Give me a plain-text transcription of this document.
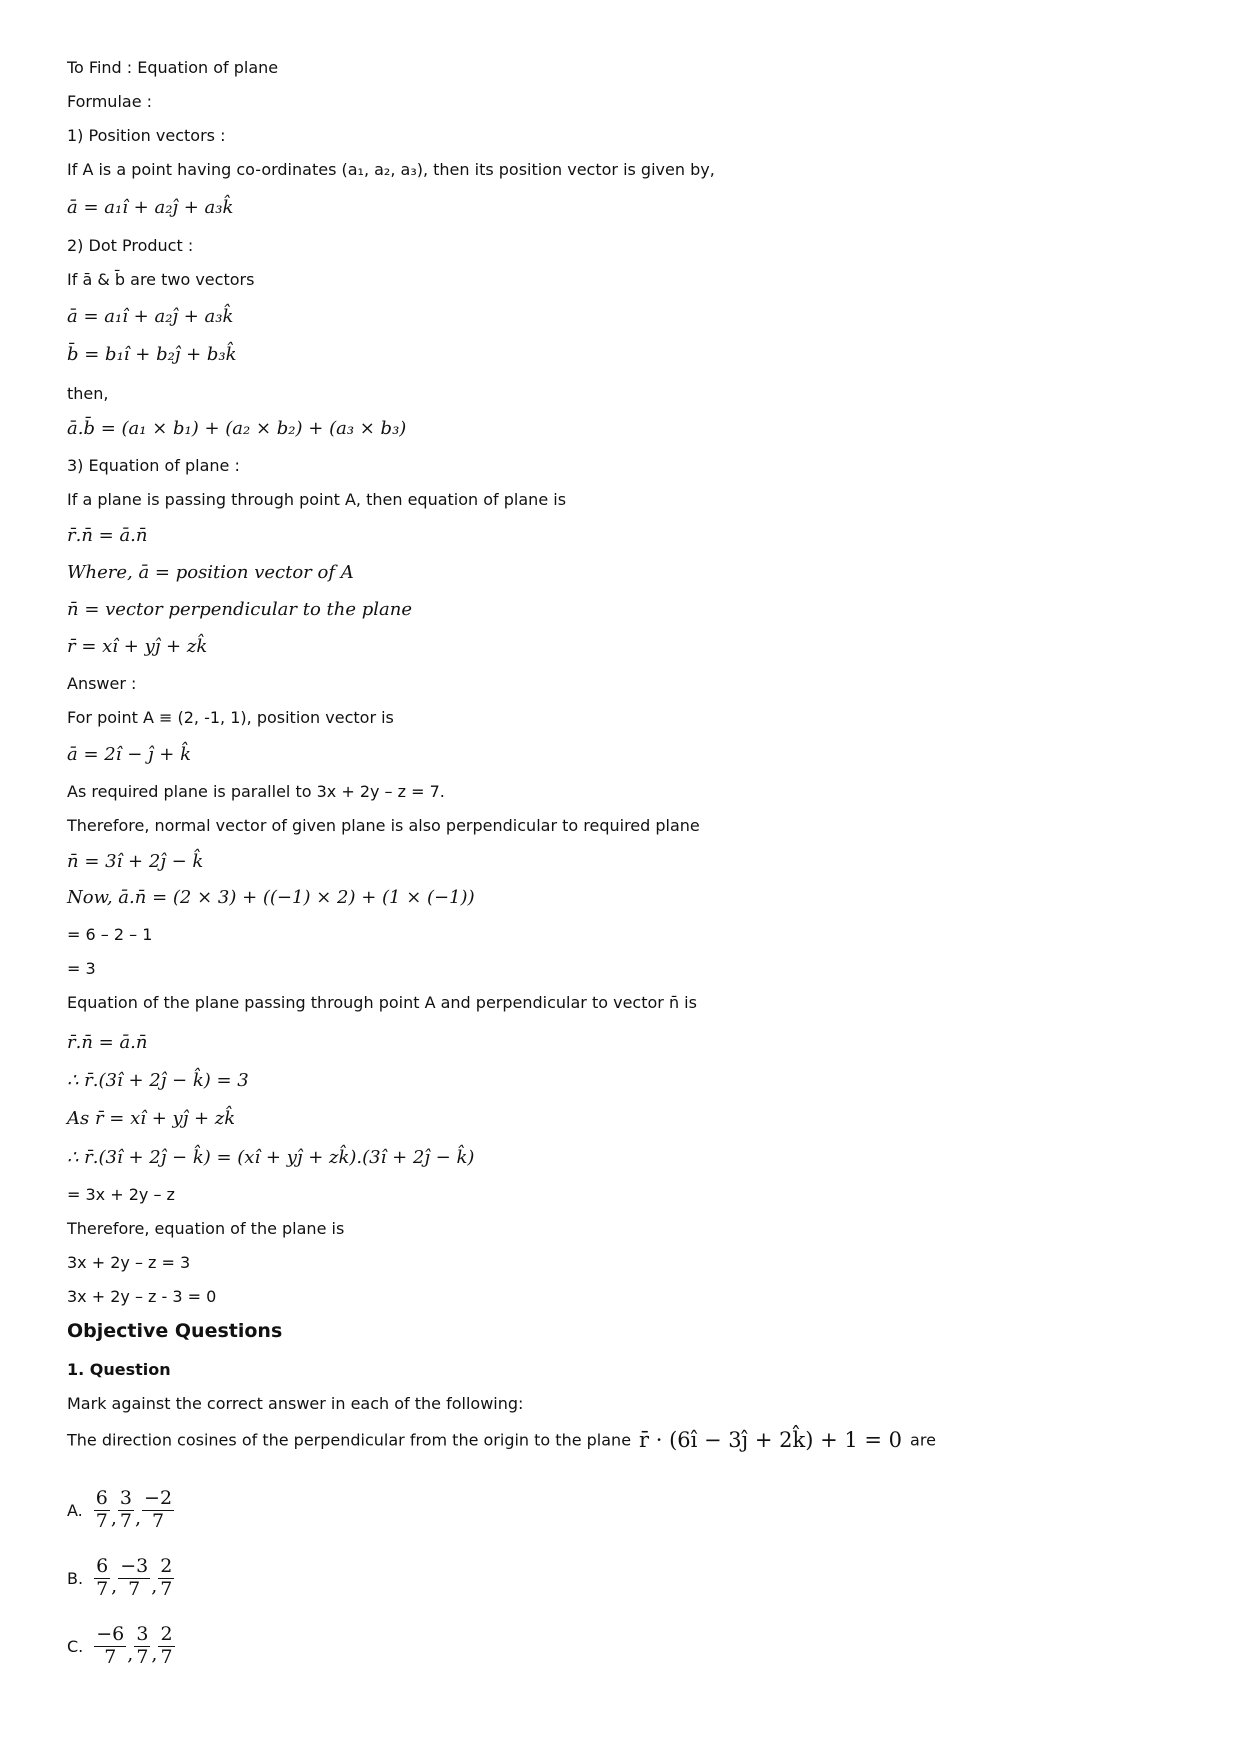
To Find : Equation of plane
Formulae :
1) Position vectors :
If A is a point having co-ordinates (a₁, a₂, a₃), then its position vector is given by,
ā = a₁î + a₂ĵ + a₃k̂
2) Dot Product :
If ā & b̄ are two vectors
ā = a₁î + a₂ĵ + a₃k̂
b̄ = b₁î + b₂ĵ + b₃k̂
then,
ā.b̄ = (a₁ × b₁) + (a₂ × b₂) + (a₃ × b₃)
3) Equation of plane :
If a plane is passing through point A, then equation of plane is
r̄.n̄ = ā.n̄
Where, ā = position vector of A
n̄ = vector perpendicular to the plane
r̄ = xî + yĵ + zk̂
Answer :
For point A ≡ (2, -1, 1), position vector is
ā = 2î − ĵ + k̂
As required plane is parallel to 3x + 2y – z = 7.
Therefore, normal vector of given plane is also perpendicular to required plane
n̄ = 3î + 2ĵ − k̂
Now, ā.n̄ = (2 × 3) + ((−1) × 2) + (1 × (−1))
= 6 – 2 – 1
= 3
Equation of the plane passing through point A and perpendicular to vector n̄ is
r̄.n̄ = ā.n̄
∴ r̄.(3î + 2ĵ − k̂) = 3
As r̄ = xî + yĵ + zk̂
∴ r̄.(3î + 2ĵ − k̂) = (xî + yĵ + zk̂).(3î + 2ĵ − k̂)
= 3x + 2y – z
Therefore, equation of the plane is
3x + 2y – z = 3
3x + 2y – z - 3 = 0
Objective Questions
1. Question
Mark against the correct answer in each of the following:
The direction cosines of the perpendicular from the origin to the plane r̄ · (6î − 3ĵ + 2k̂) + 1 = 0 are
A. $\frac{6}{7}$ , $\frac{3}{7}$ , $\frac{-2}{7}$
B. $\frac{6}{7}$ , $\frac{-3}{7}$ , $\frac{2}{7}$
C. $\frac{-6}{7}$ , $\frac{3}{7}$ , $\frac{2}{7}$
